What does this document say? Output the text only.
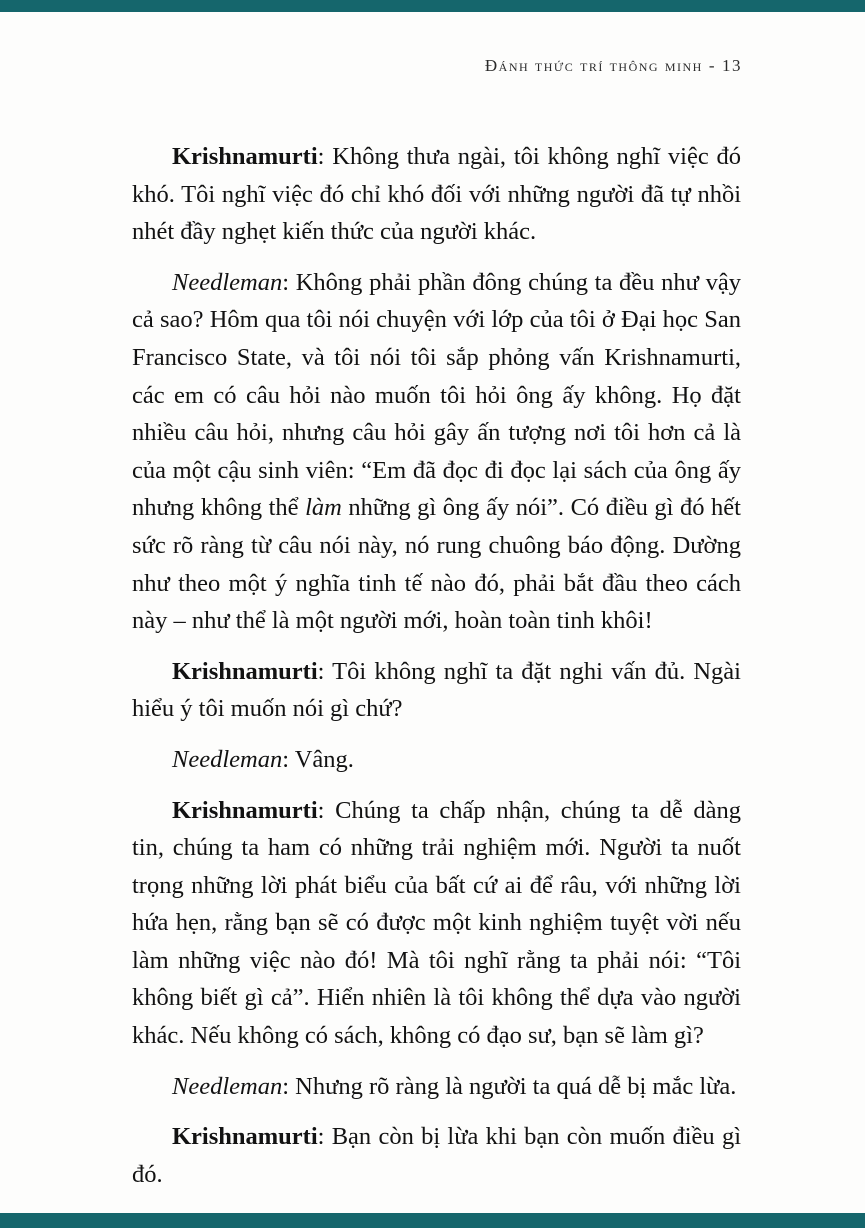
Đánh thức trí thông minh - 13

Krishnamurti: Không thưa ngài, tôi không nghĩ việc đó khó. Tôi nghĩ việc đó chỉ khó đối với những người đã tự nhồi nhét đầy nghẹt kiến thức của người khác.

Needleman: Không phải phần đông chúng ta đều như vậy cả sao? Hôm qua tôi nói chuyện với lớp của tôi ở Đại học San Francisco State, và tôi nói tôi sắp phỏng vấn Krishnamurti, các em có câu hỏi nào muốn tôi hỏi ông ấy không. Họ đặt nhiều câu hỏi, nhưng câu hỏi gây ấn tượng nơi tôi hơn cả là của một cậu sinh viên: “Em đã đọc đi đọc lại sách của ông ấy nhưng không thể làm những gì ông ấy nói”. Có điều gì đó hết sức rõ ràng từ câu nói này, nó rung chuông báo động. Dường như theo một ý nghĩa tinh tế nào đó, phải bắt đầu theo cách này – như thể là một người mới, hoàn toàn tinh khôi!

Krishnamurti: Tôi không nghĩ ta đặt nghi vấn đủ. Ngài hiểu ý tôi muốn nói gì chứ?

Needleman: Vâng.

Krishnamurti: Chúng ta chấp nhận, chúng ta dễ dàng tin, chúng ta ham có những trải nghiệm mới. Người ta nuốt trọng những lời phát biểu của bất cứ ai để râu, với những lời hứa hẹn, rằng bạn sẽ có được một kinh nghiệm tuyệt vời nếu làm những việc nào đó! Mà tôi nghĩ rằng ta phải nói: “Tôi không biết gì cả”. Hiển nhiên là tôi không thể dựa vào người khác. Nếu không có sách, không có đạo sư, bạn sẽ làm gì?

Needleman: Nhưng rõ ràng là người ta quá dễ bị mắc lừa.

Krishnamurti: Bạn còn bị lừa khi bạn còn muốn điều gì đó.
